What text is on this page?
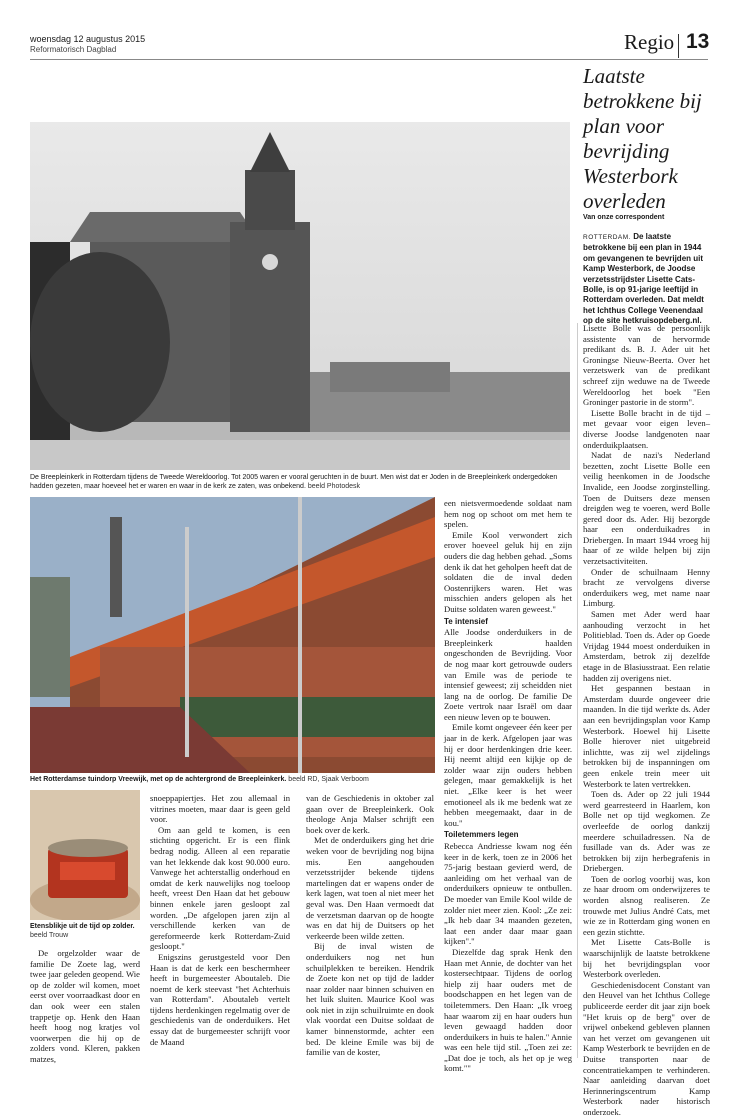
woensdag 12 augustus 2015
Reformatorisch Dagblad	Regio 13
Laatste betrokkene bij plan voor bevrijding Westerbork overleden
Van onze correspondent
ROTTERDAM. De laatste betrokkene bij een plan in 1944 om gevangenen te bevrijden uit Kamp Westerbork, de Joodse verzetsstrijdster Lisette Cats-Bolle, is op 91-jarige leeftijd in Rotterdam overleden. Dat meldt het Ichthus College Veenendaal op de site hetkruisopdeberg.nl.

Lisette Bolle was de persoonlijk assistente van de hervormde predikant ds. B. J. Ader uit het Groningse Nieuw-Beerta. Over het verzetswerk van de predikant schreef zijn weduwe na de Tweede Wereldoorlog het boek "Een Groninger pastorie in de storm".

Lisette Bolle bracht in de tijd –met gevaar voor eigen leven– diverse Joodse landgenoten naar onderduikplaatsen.

Nadat de nazi's Nederland bezetten, zocht Lisette Bolle een veilig heenkomen in de Joodsche Invalide, een Joodse zorginstelling. Toen de Duitsers deze mensen dreigden weg te voeren, werd Bolle gered door ds. Ader. Hij bezorgde haar een onderduikadres in Driebergen. In maart 1944 vroeg hij haar of ze wilde helpen bij zijn verzetsactiviteiten.

Onder de schuilnaam Henny bracht ze vervolgens diverse onderduikers weg, met name naar Limburg.

Samen met Ader werd haar aanhouding verzocht in het Politieblad. Toen ds. Ader op Goede Vrijdag 1944 moest onderduiken in Amsterdam, betrok zij dezelfde etage in de Blasiusstraat. Een relatie hadden zij overigens niet.

Het gespannen bestaan in Amsterdam duurde ongeveer drie maanden. In die tijd werkte ds. Ader aan een bevrijdingsplan voor Kamp Westerbork. Hoewel hij Lisette Bolle hierover niet uitgebreid inlichtte, was zij wel zijdelings betrokken bij de inspanningen om geen enkele trein meer uit Westerbork te laten vertrekken.

Toen ds. Ader op 22 juli 1944 werd gearresteerd in Haarlem, kon Bolle net op tijd wegkomen. Ze overleefde de oorlog dankzij meerdere schuiladressen. Na de fusillade van ds. Ader was ze betrokken bij zijn herbegrafenis in Driebergen.

Toen de oorlog voorbij was, kon ze haar droom om onderwijzeres te worden alsnog realiseren. Ze trouwde met Julius André Cats, met wie ze in Rotterdam ging wonen en een gezin stichtte.

Met Lisette Cats-Bolle is waarschijnlijk de laatste betrokkene bij het bevrijdingsplan voor Westerbork overleden.

Geschiedenisdocent Constant van den Heuvel van het Ichthus College publiceerde eerder dit jaar zijn boek "Het kruis op de berg" over de vrijwel onbekend gebleven plannen van het verzet om gevangenen uit Kamp Westerbork te bevrijden en de Duitse transporten naar de concentratiekampen te verhinderen. Naar aanleiding daarvan doet Herinneringscentrum Kamp Westerbork nader historisch onderzoek.

De Breepleinkerk in Rotterdam tijdens de Tweede Wereldoorlog. Tot 2005 waren er vooral geruchten in de buurt. Men wist dat er Joden in de Breepleinkerk ondergedoken hadden gezeten, maar hoeveel het er waren en waar in de kerk ze zaten, was onbekend. beeld Photodesk
Het Rotterdamse tuindorp Vreewijk, met op de achtergrond de Breepleinkerk. beeld RD, Sjaak Verboom
Etensblikje uit de tijd op zolder. beeld Trouw

De orgelzolder waar de familie De Zoete lag, werd twee jaar geleden geopend. Wie op de zolder wil komen, moet eerst over voorraadkast door en dan ook weer een stalen trappetje op. Henk den Haan heeft hoog nog kratjes vol voorwerpen die hij op de zolders vond. Kleren, pakken matzes,

snoeppapiertjes. Het zou allemaal in vitrines moeten, maar daar is geen geld voor.

Om aan geld te komen, is een stichting opgericht. Er is een flink bedrag nodig. Alleen al een reparatie van het lekkende dak kost 90.000 euro. Vanwege het achterstallig onderhoud en omdat de kerk nauwelijks nog toeloop heeft, vreest Den Haan dat het gebouw binnen enkele jaren gesloopt zal worden. „De afgelopen jaren zijn al verschillende kerken van de gereformeerde kerk Rotterdam-Zuid gesloopt."

Enigszins gerustgesteld voor Den Haan is dat de kerk een beschermheer heeft in burgemeester Aboutaleb. Die noemt de kerk steevast "het Achterhuis van Rotterdam". Aboutaleb vertelt tijdens herdenkingen regelmatig over de geschiedenis van de onderduikers. Het essay dat de burgemeester schrijft voor de Maand

van de Geschiedenis in oktober zal gaan over de Breepleinkerk. Ook theologe Anja Malser schrijft een boek over de kerk.

Met de onderduikers ging het drie weken voor de bevrijding nog bijna mis. Een aangehouden verzetsstrijder bekende tijdens martelingen dat er wapens onder de kerk lagen, wat toen al niet meer het geval was. Den Haan vermoedt dat de verzetsman daarvan op de hoogte was en dat hij de Duitsers op het verkeerde been wilde zetten.

Bij de inval wisten de onderduikers nog net hun schuilplekken te bereiken. Hendrik de Zoete kon net op tijd de ladder naar zolder naar binnen schuiven en het luik sluiten. Maurice Kool was ook niet in zijn schuilruimte en dook vlak voordat een Duitse soldaat de kamer binnenstormde, achter een bed. De kleine Emile was bij de familie van de koster,

een nietsvermoedende soldaat nam hem nog op schoot om met hem te spelen.

Emile Kool verwondert zich erover hoeveel geluk hij en zijn ouders die dag hebben gehad. „Soms denk ik dat het geholpen heeft dat de soldaten die de inval deden Oostenrijkers waren. Het was misschien anders gelopen als het Duitse soldaten waren geweest."

Te intensief

Alle Joodse onderduikers in de Breepleinkerk haalden ongeschonden de Bevrijding. Voor de nog maar kort getrouwde ouders van Emile was de periode te intensief geweest; zij scheidden niet lang na de oorlog. De familie De Zoete vertrok naar Israël om daar een nieuw leven op te bouwen.

Emile komt ongeveer één keer per jaar in de kerk. Afgelopen jaar was hij er door herdenkingen drie keer. Hij neemt altijd een kijkje op de zolder waar zijn ouders hebben gelegen, maar gemakkelijk is het niet. „Elke keer is het weer emotioneel als ik me bedenk wat ze hebben meegemaakt, daar in de kou."

Toiletemmers legen

Rebecca Andriesse kwam nog één keer in de kerk, toen ze in 2006 het 75-jarig bestaan gevierd werd, de aanleiding om het verhaal van de onderduikers opnieuw te ontbullen. De moeder van Emile Kool wilde de zolder niet meer zien. Kool: „Ze zei: „Ik heb daar 34 maanden gezeten, laat een ander daar maar gaan kijken"."

Diezelfde dag sprak Henk den Haan met Annie, de dochter van het kostersechtpaar. Tijdens de oorlog hielp zij haar ouders met de boodschappen en het legen van de toiletemmers. Den Haan: „Ik vroeg haar waarom zij en haar ouders hun leven gewaagd hadden door onderduikers in huis te halen." Annie was een hele tijd stil. „Toen zei ze: „Dat doe je toch, als het op je weg komt.""
